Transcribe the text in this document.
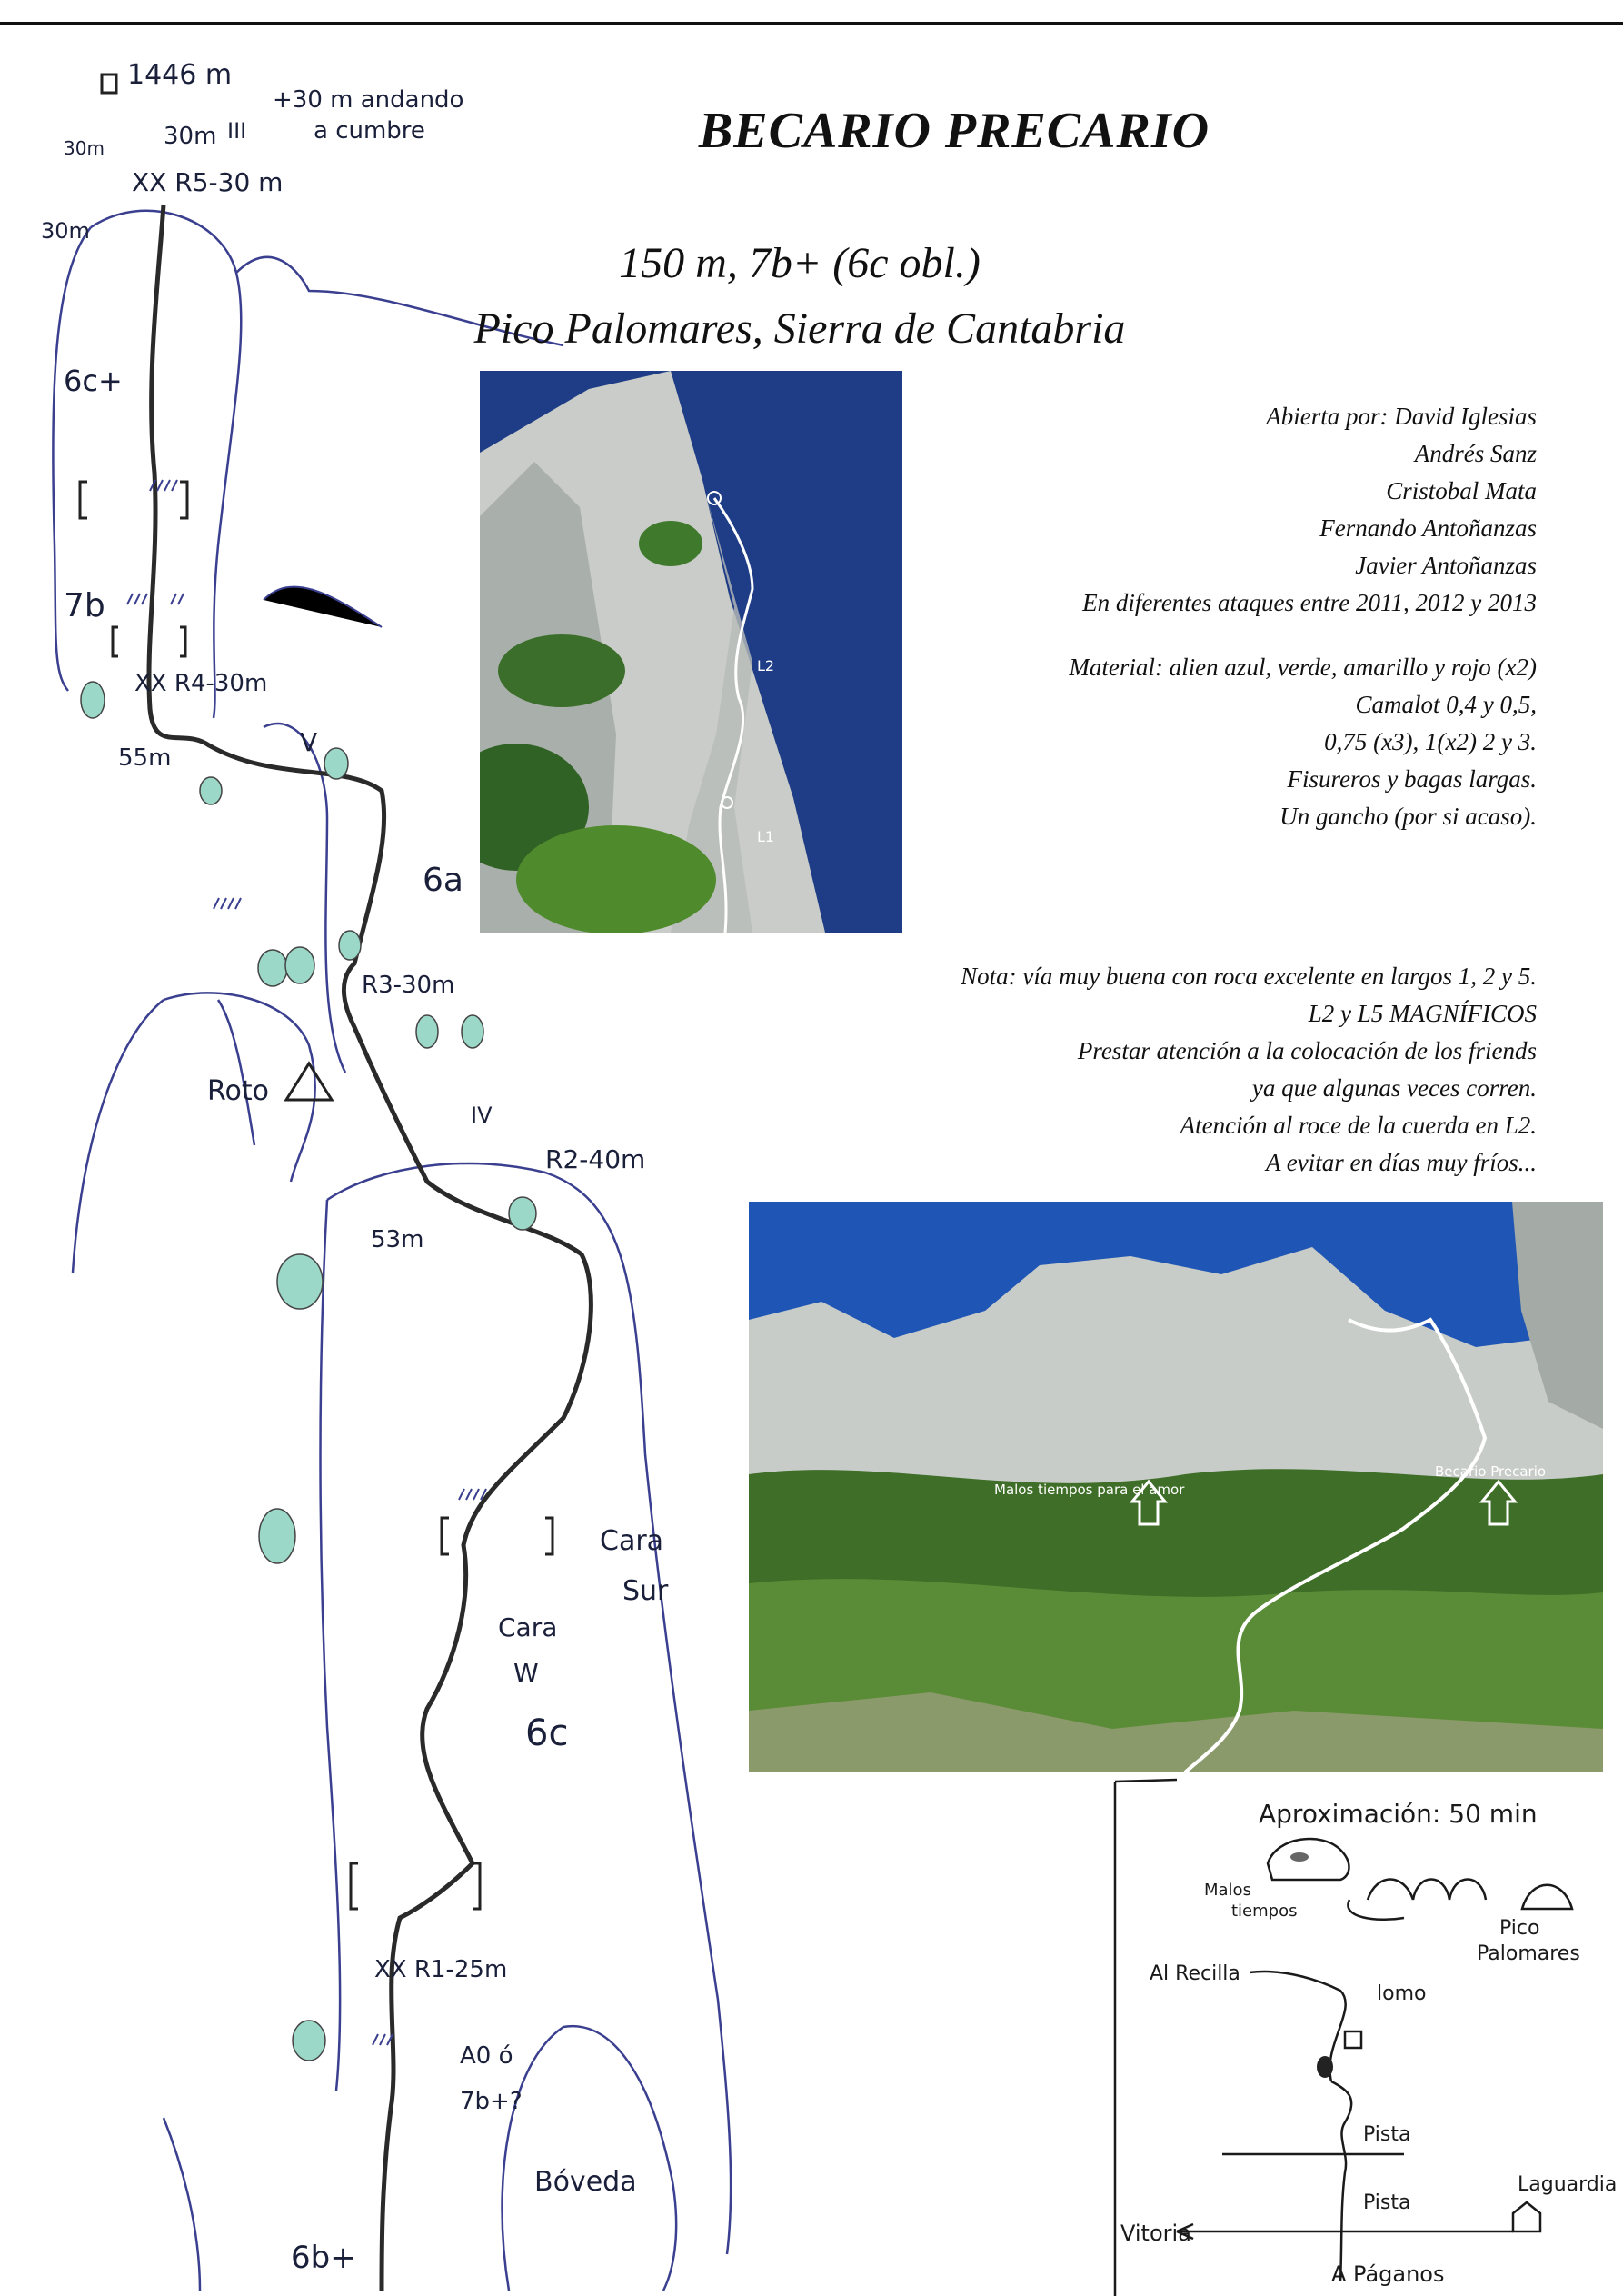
1446 m
30m	30m III
+30 m andando
a cumbre
XX R5-30 m
30m
6c+
7b
55m
XX R4-30m
V
6a
R3-30m
Roto
IV
R2-40m
53m
Cara
Sur
Cara
W
6c
XX R1-25m
A0 ó
7b+?
Bóveda
6b+
BECARIO PRECARIO
150 m, 7b+ (6c obl.)
Pico Palomares, Sierra de Cantabria
L2
L1
Abierta por: David Iglesias
Andrés Sanz
Cristobal Mata
Fernando Antoñanzas
Javier Antoñanzas
En diferentes ataques entre 2011, 2012 y 2013
Material: alien azul, verde, amarillo y rojo (x2)
Camalot 0,4 y 0,5,
0,75 (x3), 1(x2) 2 y 3.
Fisureros y bagas largas.
Un gancho (por si acaso).
Nota: vía muy buena con roca excelente en largos 1, 2 y 5.
L2 y L5 MAGNÍFICOS
Prestar atención a la colocación de los friends
ya que algunas veces corren.
Atención al roce de la cuerda en L2.
A evitar en días muy fríos...
Malos tiempos para el amor
Becario Precario
Aproximación: 50 min
Malos
tiempos
Pico
Palomares
Al Recilla
lomo
Pista
Pista
Laguardia
Vitoria
A Páganos
